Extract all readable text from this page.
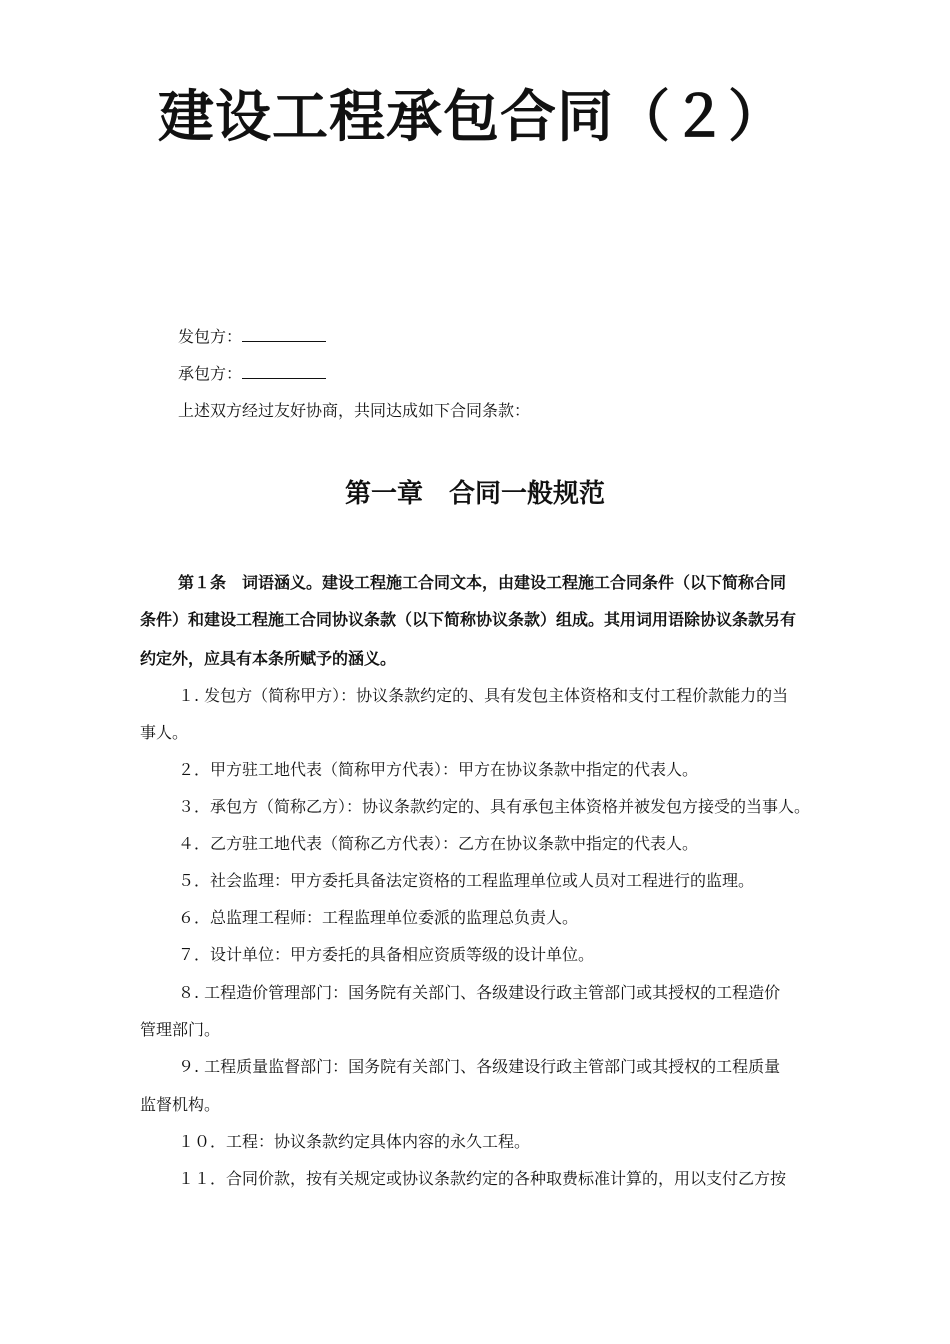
建设工程承包合同（２）
发包方：
承包方：
上述双方经过友好协商，共同达成如下合同条款：
第一章　合同一般规范
第１条　词语涵义。建设工程施工合同文本，由建设工程施工合同条件（以下简称合同
条件）和建设工程施工合同协议条款（以下简称协议条款）组成。其用词用语除协议条款另有
约定外，应具有本条所赋予的涵义。
１. 发包方（简称甲方）：协议条款约定的、具有发包主体资格和支付工程价款能力的当
事人。
２．甲方驻工地代表（简称甲方代表）：甲方在协议条款中指定的代表人。
３．承包方（简称乙方）：协议条款约定的、具有承包主体资格并被发包方接受的当事人。
４．乙方驻工地代表（简称乙方代表）：乙方在协议条款中指定的代表人。
５．社会监理：甲方委托具备法定资格的工程监理单位或人员对工程进行的监理。
６．总监理工程师：工程监理单位委派的监理总负责人。
７．设计单位：甲方委托的具备相应资质等级的设计单位。
８. 工程造价管理部门：国务院有关部门、各级建设行政主管部门或其授权的工程造价
管理部门。
９. 工程质量监督部门：国务院有关部门、各级建设行政主管部门或其授权的工程质量
监督机构。
１０．工程：协议条款约定具体内容的永久工程。
１１．合同价款，按有关规定或协议条款约定的各种取费标准计算的，用以支付乙方按
